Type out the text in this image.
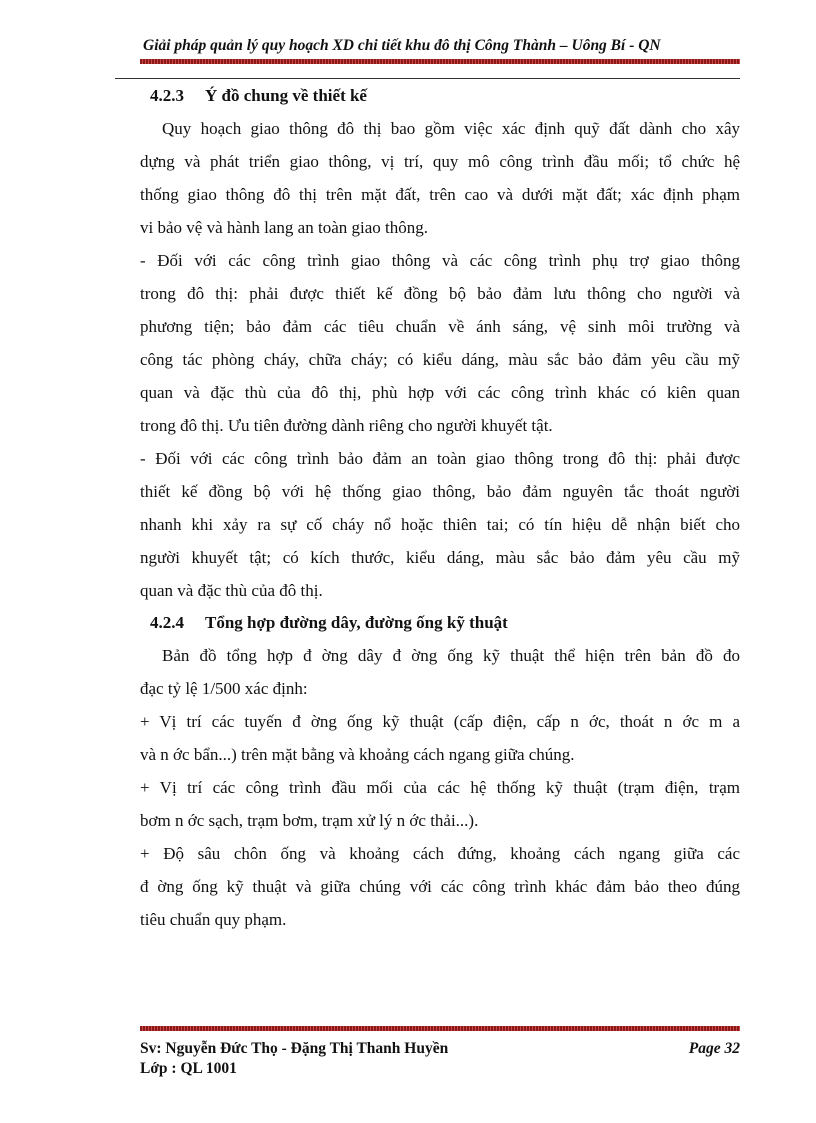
Giải pháp quản lý quy hoạch XD chi tiết khu đô thị Công Thành – Uông Bí - QN
4.2.3 Ý đồ chung về thiết kế
Quy hoạch giao thông đô thị bao gồm việc xác định quỹ đất dành cho xây
dựng và phát triển giao thông, vị trí, quy mô công trình đầu mối; tổ chức hệ
thống giao thông đô thị trên mặt đất, trên cao và dưới mặt đất; xác định phạm
vi bảo vệ và hành lang an toàn giao thông.
- Đối với các công trình giao thông và các công trình phụ trợ giao thông
trong đô thị: phải được thiết kế đồng bộ bảo đảm lưu thông cho người và
phương tiện; bảo đảm các tiêu chuẩn về ánh sáng, vệ sinh môi trường và
công tác phòng cháy, chữa cháy; có kiểu dáng, màu sắc bảo đảm yêu cầu mỹ
quan và đặc thù của đô thị, phù hợp với các công trình khác có kiên quan
trong đô thị. Ưu tiên đường dành riêng cho người khuyết tật.
- Đối với các công trình bảo đảm an toàn giao thông trong đô thị: phải được
thiết kế đồng bộ với hệ thống giao thông, bảo đảm nguyên tắc thoát người
nhanh khi xảy ra sự cố cháy nổ hoặc thiên tai; có tín hiệu dễ nhận biết cho
người khuyết tật; có kích thước, kiểu dáng, màu sắc bảo đảm yêu cầu mỹ
quan và đặc thù của đô thị.
4.2.4 Tổng hợp đường dây, đường ống kỹ thuật
Bản đồ tổng hợp đ ờng dây đ ờng ống kỹ thuật thể hiện trên bản đồ đo
đạc tỷ lệ 1/500 xác định:
+ Vị trí các tuyến đ ờng ống kỹ thuật (cấp điện, cấp n ớc, thoát n ớc m a
và n ớc bẩn...) trên mặt bằng và khoảng cách ngang giữa chúng.
+ Vị trí các công trình đầu mối của các hệ thống kỹ thuật (trạm điện, trạm
bơm n ớc sạch, trạm bơm, trạm xử lý n ớc thải...).
+ Độ sâu chôn ống và khoảng cách đứng, khoảng cách ngang giữa các
đ ờng ống kỹ thuật và giữa chúng với các công trình khác đảm bảo theo đúng
tiêu chuẩn quy phạm.
Sv: Nguyễn Đức Thọ - Đặng Thị Thanh Huyền
Lớp : QL 1001
Page 32
